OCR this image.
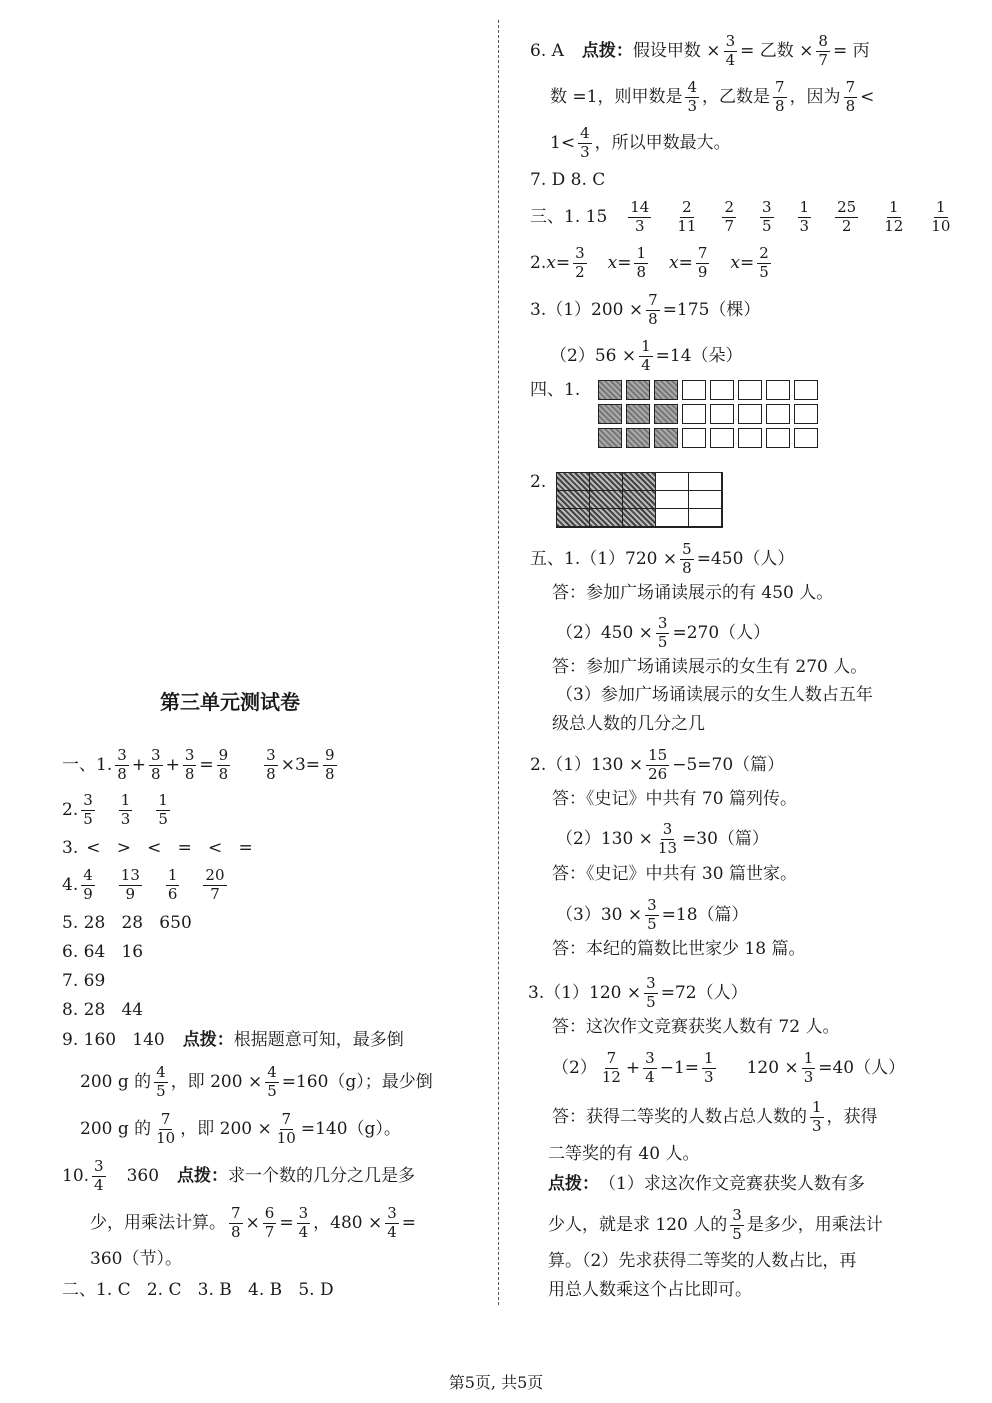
6. A 点拨： 假设甲数 × $\frac{3}{4}$ = 乙数 × $\frac{8}{7}$ = 丙
数 =1，则甲数是 $\frac{4}{3}$ ，乙数是 $\frac{7}{8}$ ，因为 $\frac{7}{8}$ <
$1< \frac{4}{3}$ ，所以甲数最大。
7. D 8. C
三、1. $15 \frac{14}{3} \frac{2}{11} \frac{2}{7} \frac{3}{5} \frac{1}{3} \frac{25}{2} \frac{1}{12} \frac{1}{10}$
2. $x= \frac{3}{2} x= \frac{1}{8} x= \frac{7}{9} x= \frac{2}{5}$
$3.(1)200 \times \frac{7}{8} =175$（棵）
$(2)56 \times \frac{1}{4} =14$（朵）
四、1.
2.
五、$1.(1)720 \times \frac{5}{8} =450$（人）
答：参加广场诵读展示的有 450 人。
$(2)450 \times \frac{3}{5} =270$（人）
答：参加广场诵读展示的女生有 270 人。
（3）参加广场诵读展示的女生人数占五年
级总人数的几分之几
$2.(1)130 \times \frac{15}{26} -5=70$（篇）
答：《史记》中共有 70 篇列传。
$(2)130 \times \frac{3}{13} =30$（篇）
答：《史记》中共有 30 篇世家。
$(3)30 \times \frac{3}{5} =18$（篇）
答：本纪的篇数比世家少 18 篇。
$3.(1)120 \times \frac{3}{5} =72$（人）
答：这次作文竞赛获奖人数有 72 人。
$(2) \frac{7}{12} + \frac{3}{4} -1= \frac{1}{3} 120 \times \frac{1}{3} =40$（人）
答：获得二等奖的人数占总人数的 $\frac{1}{3}$ ，获得
二等奖的有 40 人。
点拨： （1）求这次作文竞赛获奖人数有多
少人，就是求 120 人的 $\frac{3}{5}$ 是多少，用乘法计
算。（2）先求获得二等奖的人数占比，再
用总人数乘这个占比即可。
第三单元测试卷
一、1. $\frac{3}{8} + \frac{3}{8} + \frac{3}{8} = \frac{9}{8} \frac{3}{8} \times 3= \frac{9}{8}$
2. $\frac{3}{5} \frac{1}{3} \frac{1}{5}$
3. <   >   <   =   <   =
4. $\frac{4}{9} \frac{13}{9} \frac{1}{6} \frac{20}{7}$
5. 28   28   650
6. 64   16
7. 69
8. 28   44
9. 160   140 点拨： 根据题意可知，最多倒
200 g 的 $\frac{4}{5}$ ，即 $200 \times \frac{4}{5} =160(g)$；最少倒
200 g 的 $\frac{7}{10}$ ，即 $200 \times \frac{7}{10} =140(g)$。
10. $\frac{3}{4} 360$ 点拨： 求一个数的几分之几是多
少，用乘法计算。 $\frac{7}{8} \times \frac{6}{7} = \frac{3}{4}$ ，$480 \times \frac{3}{4}$ =
360（节）。
二、1. C   2. C   3. B   4. B   5. D
第5页, 共5页
